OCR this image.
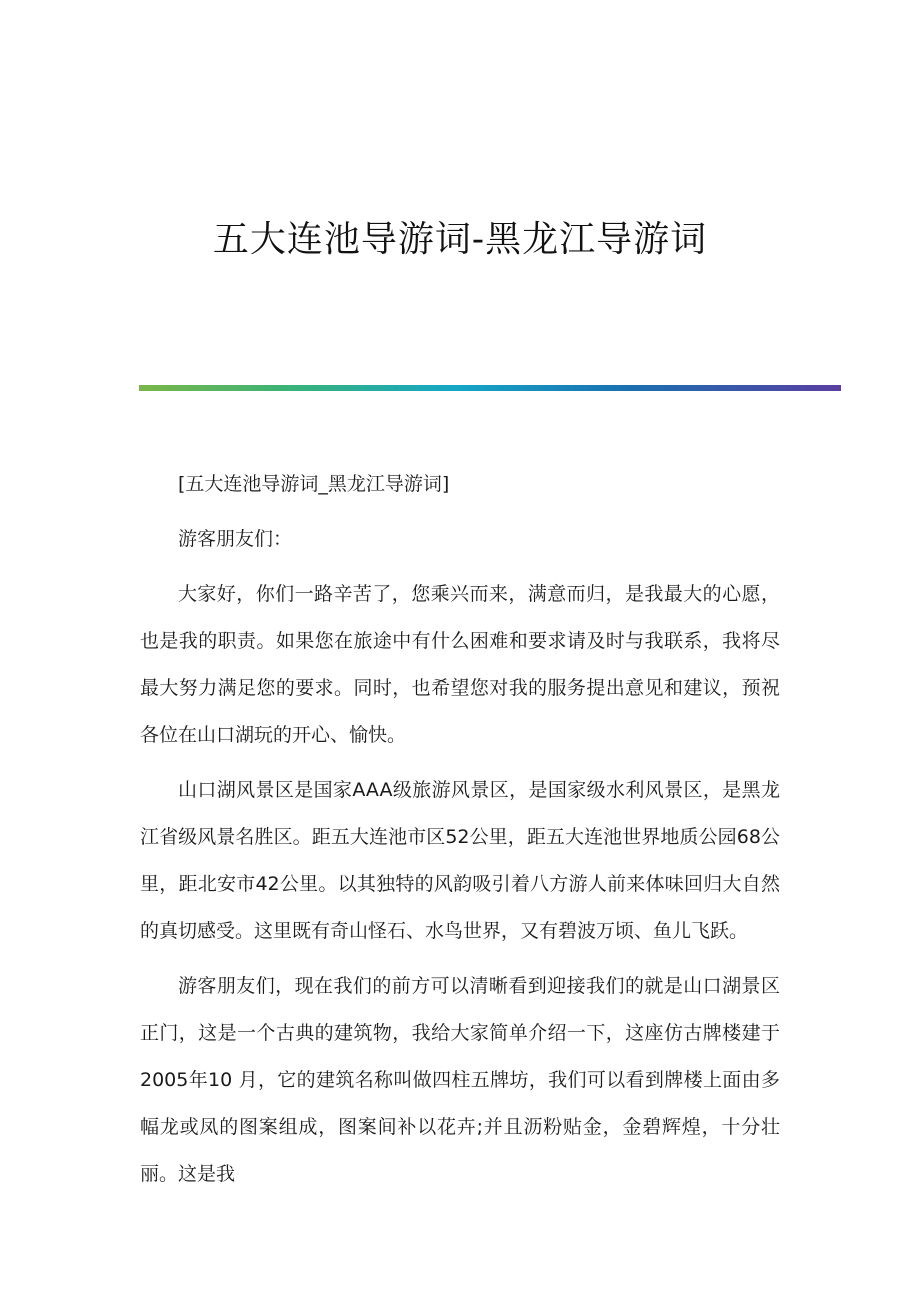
五大连池导游词-黑龙江导游词

[五大连池导游词_黑龙江导游词]

游客朋友们：

大家好，你们一路辛苦了，您乘兴而来，满意而归，是我最大的心愿，也是我的职责。如果您在旅途中有什么困难和要求请及时与我联系，我将尽最大努力满足您的要求。同时，也希望您对我的服务提出意见和建议，预祝各位在山口湖玩的开心、愉快。

山口湖风景区是国家AAA级旅游风景区，是国家级水利风景区，是黑龙江省级风景名胜区。距五大连池市区52公里，距五大连池世界地质公园68公里，距北安市42公里。以其独特的风韵吸引着八方游人前来体味回归大自然的真切感受。这里既有奇山怪石、水鸟世界，又有碧波万顷、鱼儿飞跃。

游客朋友们，现在我们的前方可以清晰看到迎接我们的就是山口湖景区正门，这是一个古典的建筑物，我给大家简单介绍一下，这座仿古牌楼建于2005年10 月，它的建筑名称叫做四柱五牌坊，我们可以看到牌楼上面由多幅龙或凤的图案组成，图案间补以花卉;并且沥粉贴金，金碧辉煌，十分壮丽。这是我
